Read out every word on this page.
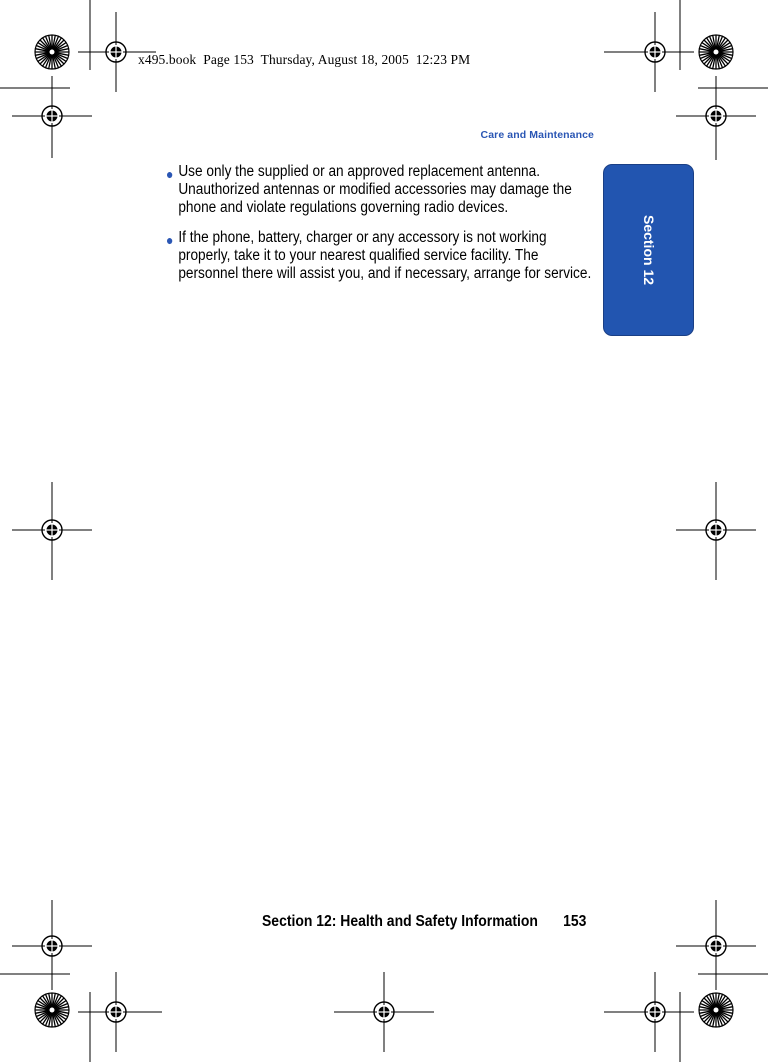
x495.book  Page 153  Thursday, August 18, 2005  12:23 PM
Care and Maintenance
Section 12
● Use only the supplied or an approved replacement antenna. Unauthorized antennas or modified accessories may damage the phone and violate regulations governing radio devices.
● If the phone, battery, charger or any accessory is not working properly, take it to your nearest qualified service facility. The personnel there will assist you, and if necessary, arrange for service.
Section 12: Health and Safety Information 153
